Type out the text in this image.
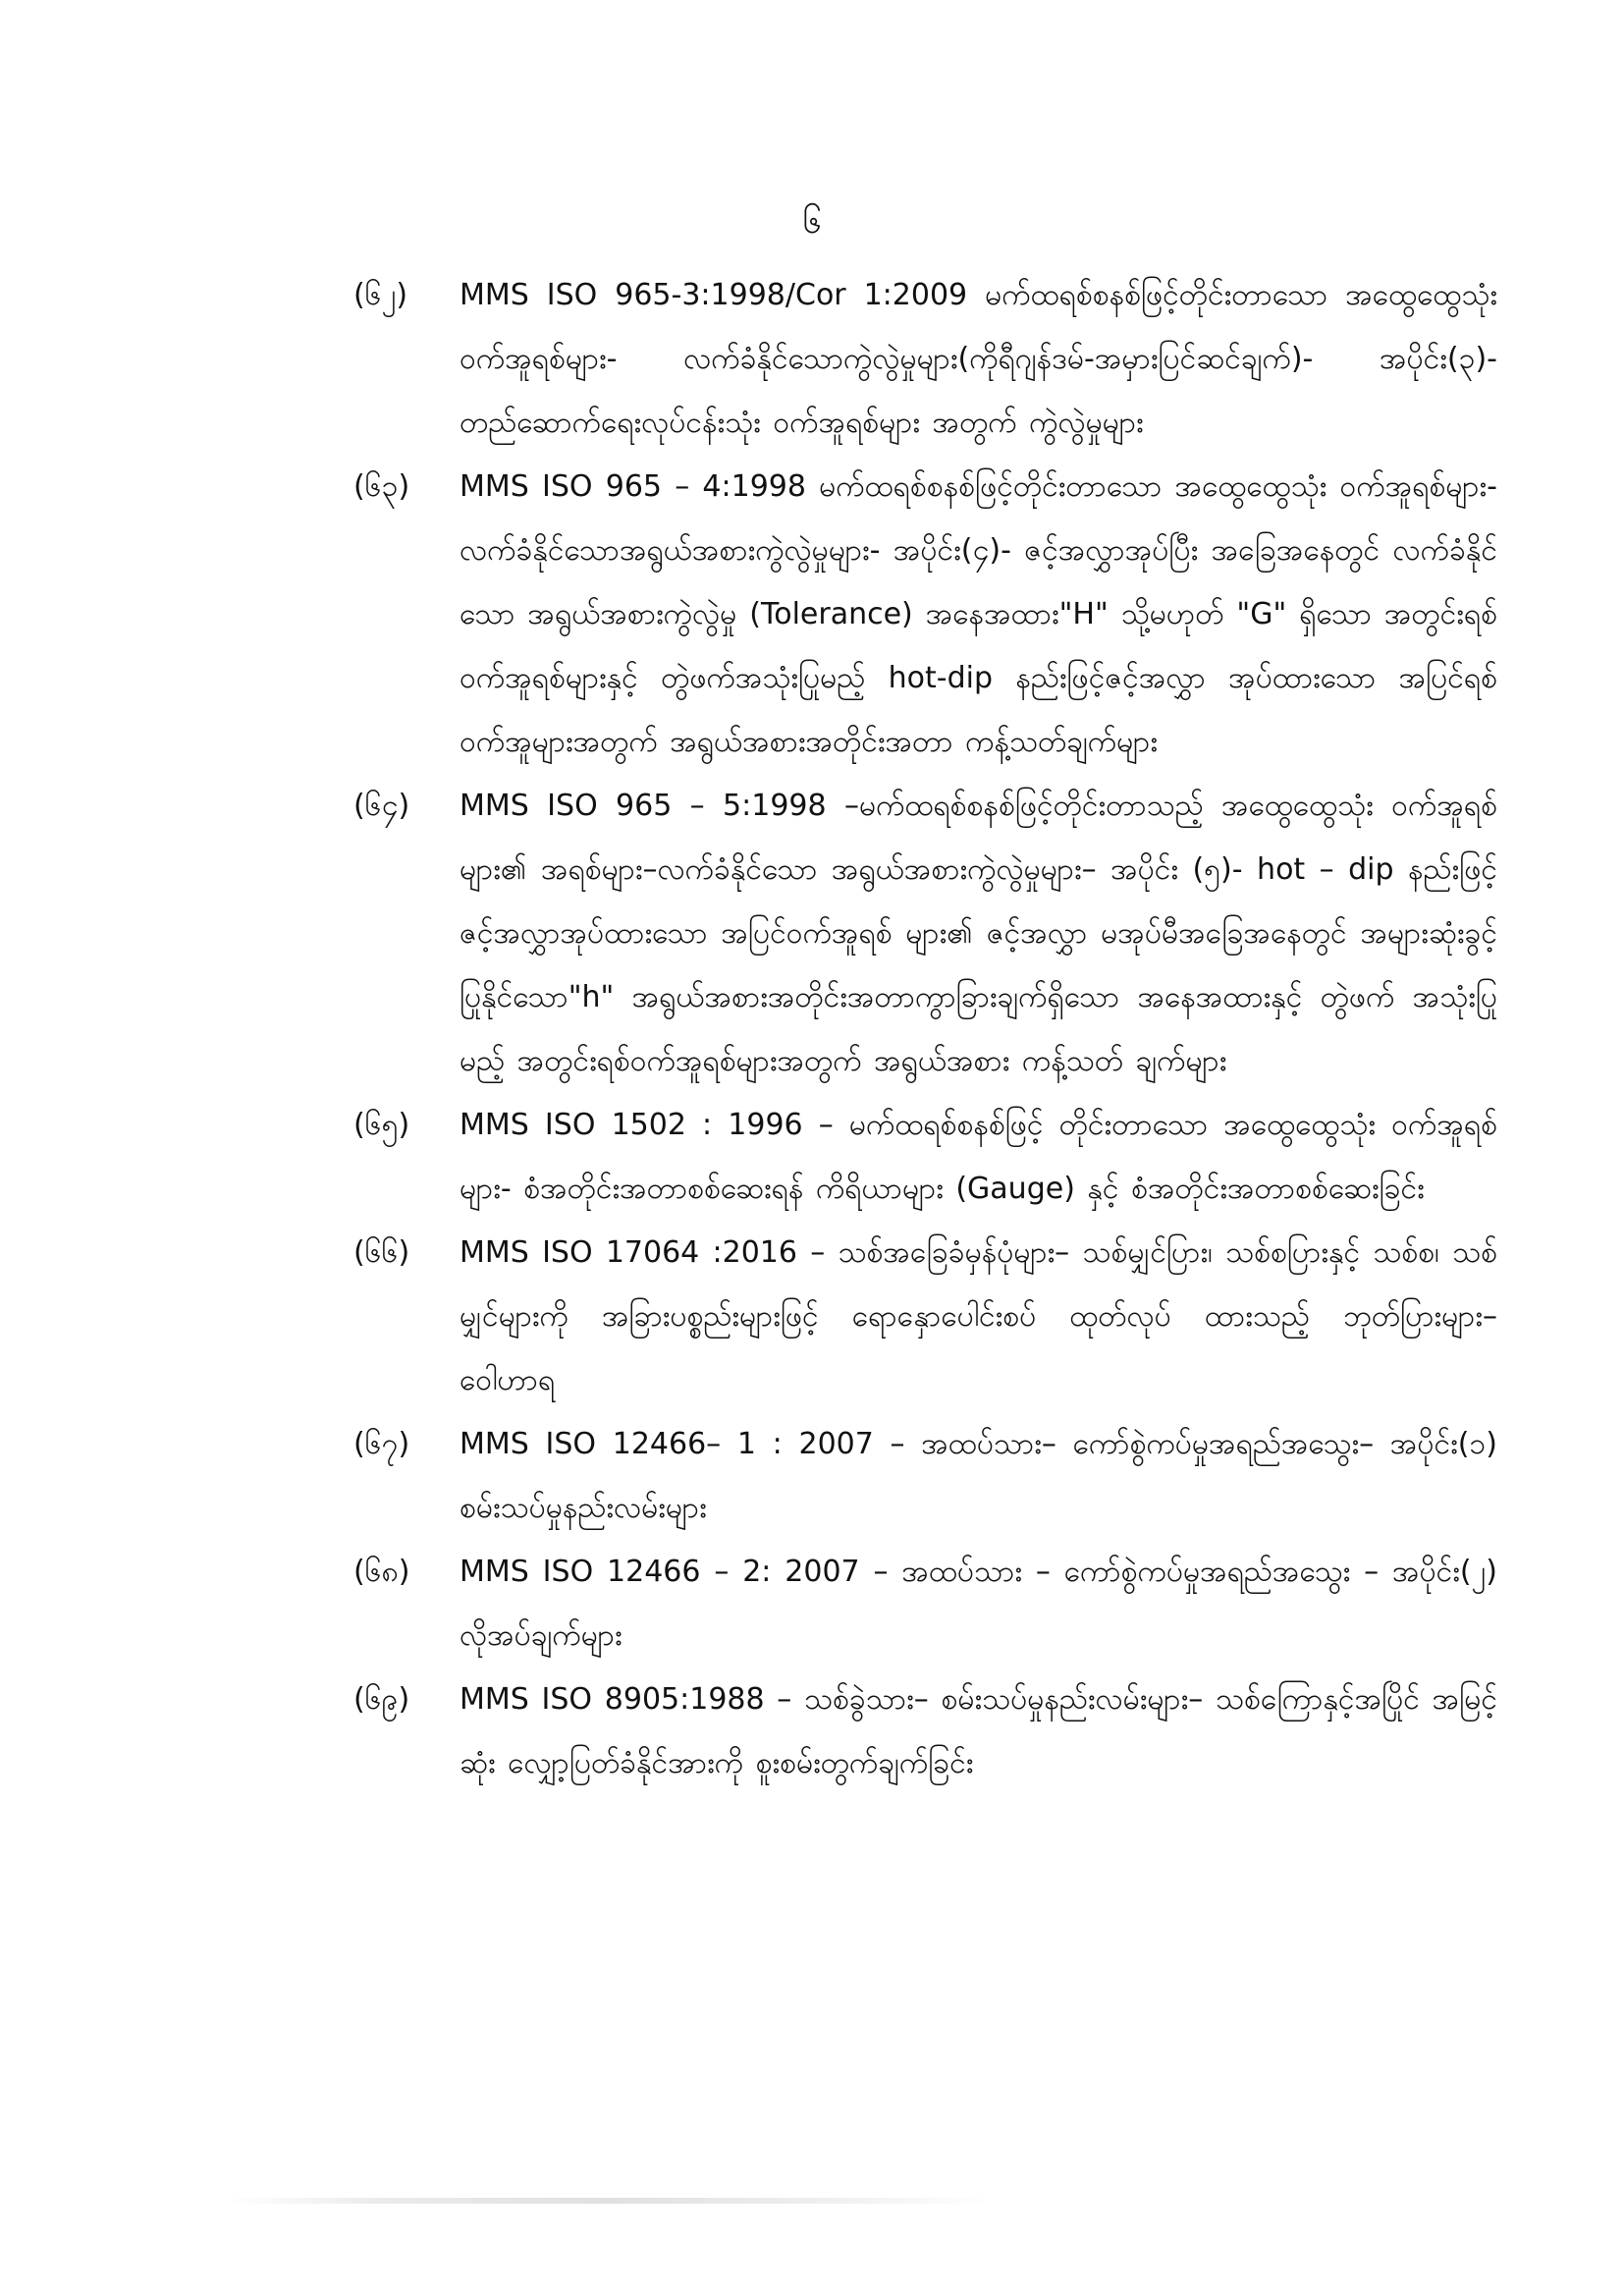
၆
(၆၂)	MMS ISO 965-3:1998/Cor 1:2009 မက်ထရစ်စနစ်ဖြင့်တိုင်းတာသော အထွေထွေသုံး ဝက်အူရစ်များ- လက်ခံနိုင်သောကွဲလွဲမှုများ(ကိုရီဂျန်ဒမ်-အမှားပြင်ဆင်ချက်)- အပိုင်း(၃)- တည်ဆောက်ရေးလုပ်ငန်းသုံး ဝက်အူရစ်များ အတွက် ကွဲလွဲမှုများ
(၆၃)	MMS ISO 965 – 4:1998 မက်ထရစ်စနစ်ဖြင့်တိုင်းတာသော အထွေထွေသုံး ဝက်အူရစ်များ- လက်ခံနိုင်သောအရွယ်အစားကွဲလွဲမှုများ- အပိုင်း(၄)- ဇင့်အလွှာအုပ်ပြီး အခြေအနေတွင် လက်ခံနိုင်သော အရွယ်အစားကွဲလွဲမှု (Tolerance) အနေအထား"H" သို့မဟုတ် "G" ရှိသော အတွင်းရစ် ဝက်အူရစ်များနှင့် တွဲဖက်အသုံးပြုမည့် hot-dip နည်းဖြင့်ဇင့်အလွှာ အုပ်ထားသော အပြင်ရစ်ဝက်အူများအတွက် အရွယ်အစားအတိုင်းအတာ ကန့်သတ်ချက်များ
(၆၄)	MMS ISO 965 – 5:1998 –မက်ထရစ်စနစ်ဖြင့်တိုင်းတာသည့် အထွေထွေသုံး ဝက်အူရစ်များ၏ အရစ်များ–လက်ခံနိုင်သော အရွယ်အစားကွဲလွဲမှုများ– အပိုင်း (၅)- hot – dip နည်းဖြင့် ဇင့်အလွှာအုပ်ထားသော အပြင်ဝက်အူရစ် များ၏ ဇင့်အလွှာ မအုပ်မီအခြေအနေတွင် အများဆုံးခွင့်ပြုနိုင်သော"h" အရွယ်အစားအတိုင်းအတာကွာခြားချက်ရှိသော အနေအထားနှင့် တွဲဖက် အသုံးပြုမည့် အတွင်းရစ်ဝက်အူရစ်များအတွက် အရွယ်အစား ကန့်သတ် ချက်များ
(၆၅)	MMS ISO 1502 : 1996 – မက်ထရစ်စနစ်ဖြင့် တိုင်းတာသော အထွေထွေသုံး ဝက်အူရစ်များ- စံအတိုင်းအတာစစ်ဆေးရန် ကိရိယာများ (Gauge) နှင့် စံအတိုင်းအတာစစ်ဆေးခြင်း
(၆၆)	MMS ISO 17064 :2016 – သစ်အခြေခံမှန်ပုံများ– သစ်မျှင်ပြား၊ သစ်စပြားနှင့် သစ်စ၊ သစ်မျှင်များကို အခြားပစ္စည်းများဖြင့် ရောနှောပေါင်းစပ် ထုတ်လုပ် ထားသည့် ဘုတ်ပြားများ– ဝေါဟာရ
(၆၇)	MMS ISO 12466– 1 : 2007 – အထပ်သား– ကော်စွဲကပ်မှုအရည်အသွေး– အပိုင်း(၁) စမ်းသပ်မှုနည်းလမ်းများ
(၆၈)	MMS ISO 12466 – 2: 2007 – အထပ်သား – ကော်စွဲကပ်မှုအရည်အသွေး – အပိုင်း(၂) လိုအပ်ချက်များ
(၆၉)	MMS ISO 8905:1988 – သစ်ခွဲသား– စမ်းသပ်မှုနည်းလမ်းများ– သစ်ကြောနှင့်အပြိုင် အမြင့်ဆုံး လျှော့ပြတ်ခံနိုင်အားကို စူးစမ်းတွက်ချက်ခြင်း
